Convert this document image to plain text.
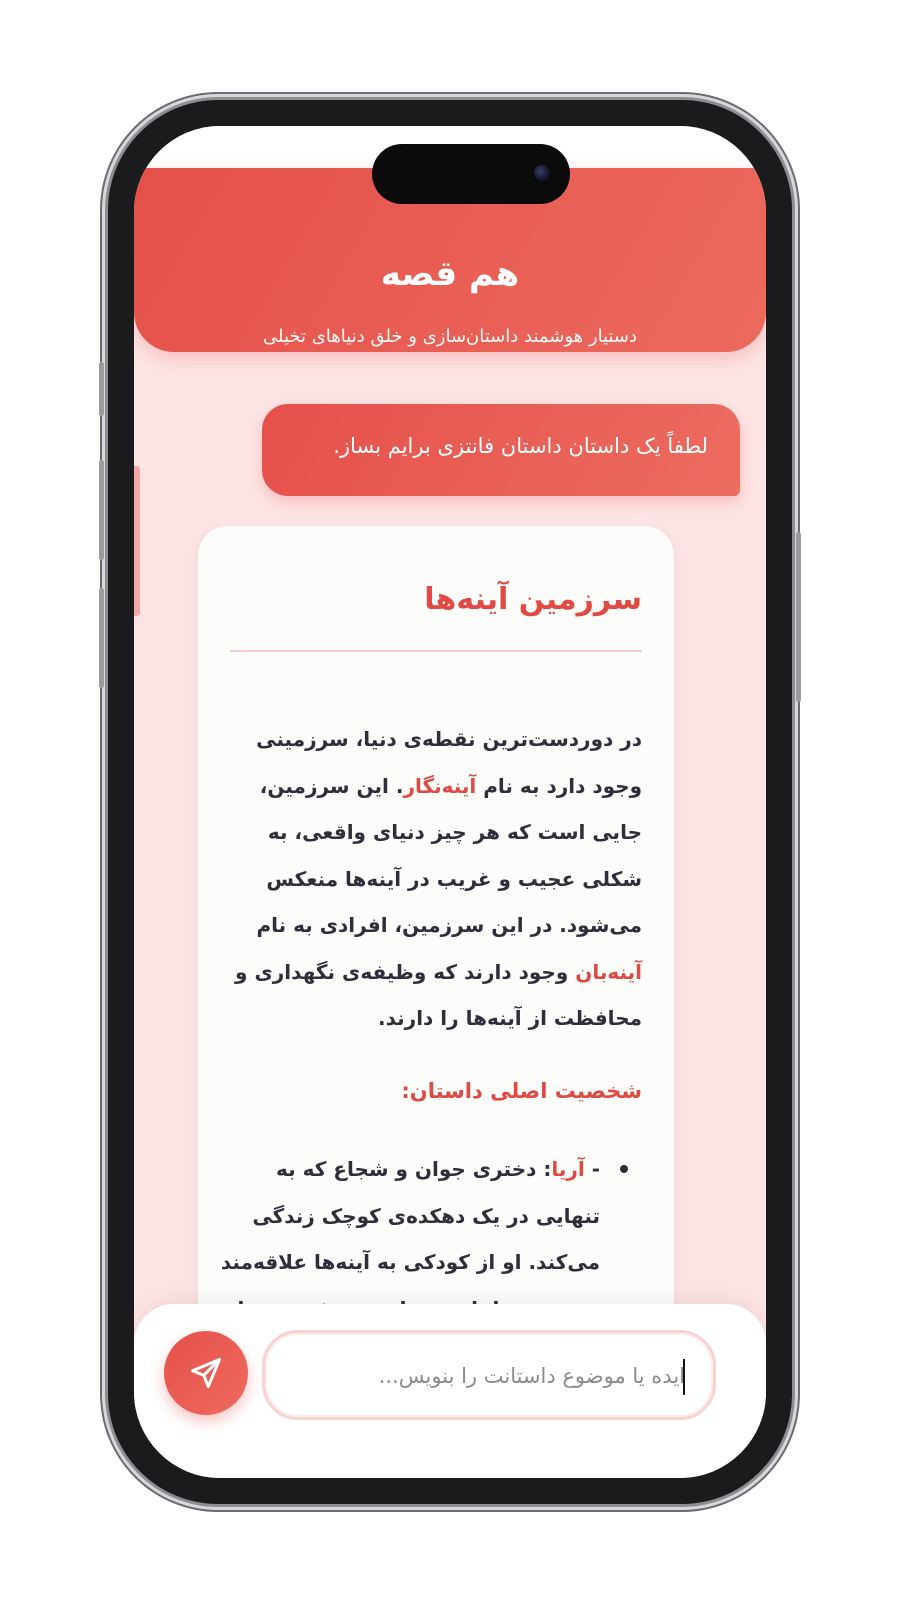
هم قصه
دستیار هوشمند داستان‌سازی و خلق دنیاهای تخیلی
لطفاً یک داستان داستان فانتزی برایم بساز.
سرزمین آینه‌ها
در دوردست‌ترین نقطه‌ی دنیا، سرزمینی
وجود دارد به نام آینه‌نگار. این سرزمین،
جایی است که هر چیز دنیای واقعی، به
شکلی عجیب و غریب در آینه‌ها منعکس
می‌شود. در این سرزمین، افرادی به نام
آینه‌بان وجود دارند که وظیفه‌ی نگهداری و
محافظت از آینه‌ها را دارند.
شخصیت اصلی داستان:
- آریا: دختری جوان و شجاع که به
تنهایی در یک دهکده‌ی کوچک زندگی
می‌کند. او از کودکی به آینه‌ها علاقه‌مند
ایده یا موضوع داستانت را بنویس...
